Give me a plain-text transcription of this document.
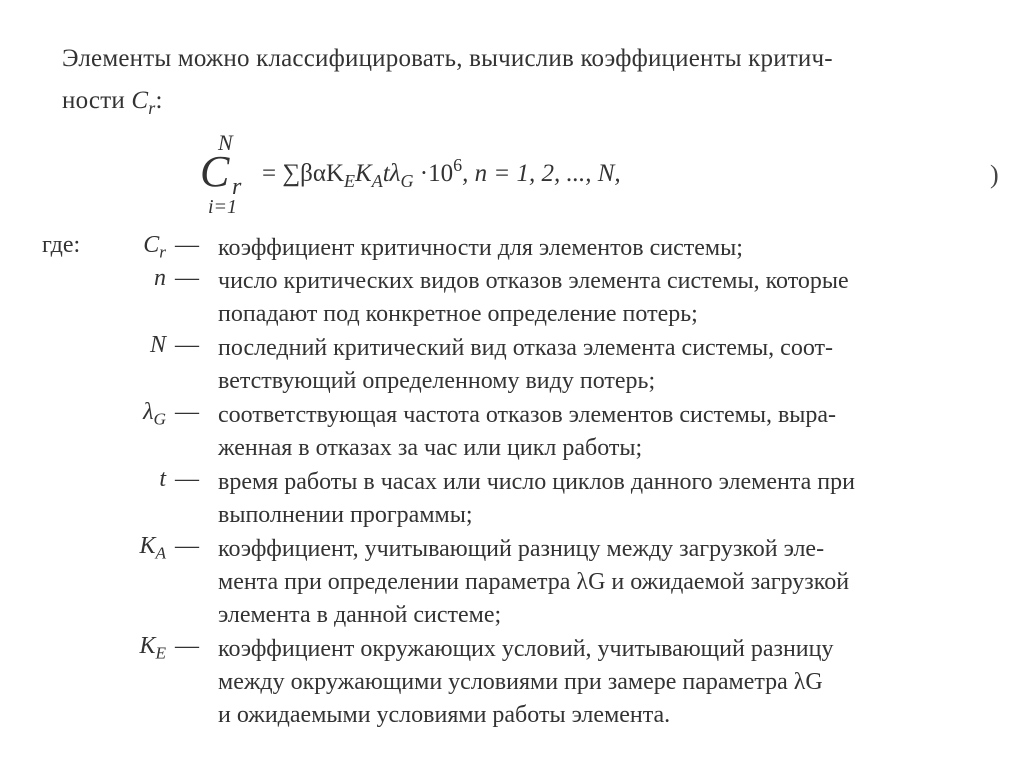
Элементы можно классифицировать, вычислив коэффициенты критич-
ности $C_r$:
N
C r
i=1
= $\sum\beta\alpha K_EK_At\lambda_G \cdot 10^6$, n = 1, 2, ..., N,	)
где:	$C_r$ — коэффициент критичности для элементов системы;
n — число критических видов отказов элемента системы, которые
попадают под конкретное определение потерь;
N — последний критический вид отказа элемента системы, соот-
ветствующий определенному виду потерь;
$\lambda_G$ — соответствующая частота отказов элементов системы, выра-
женная в отказах за час или цикл работы;
t — время работы в часах или число циклов данного элемента при
выполнении программы;
$K_A$ — коэффициент, учитывающий разницу между загрузкой эле-
мента при определении параметра λG и ожидаемой загрузкой
элемента в данной системе;
$K_E$ — коэффициент окружающих условий, учитывающий разницу
между окружающими условиями при замере параметра λG
и ожидаемыми условиями работы элемента.
